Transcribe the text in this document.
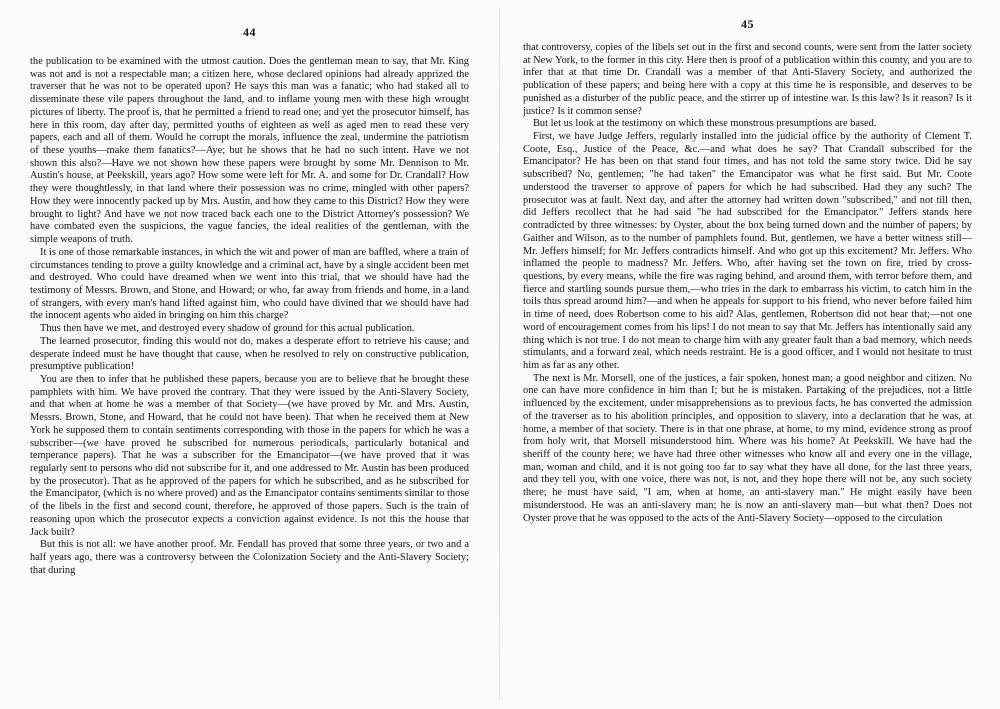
44

the publication to be examined with the utmost caution. Does the gentleman mean to say, that Mr. King was not and is not a respectable man; a citizen here, whose declared opinions had already apprized the traverser that he was not to be operated upon? He says this man was a fanatic; who had staked all to disseminate these vile papers throughout the land, and to inflame young men with these high wrought pictures of liberty. The proof is, that he permitted a friend to read one; and yet the prosecutor himself, has here in this room, day after day, permitted youths of eighteen as well as aged men to read these very papers, each and all of them. Would he corrupt the morals, influence the zeal, undermine the patriotism of these youths—make them fanatics?—Aye; but he shows that he had no such intent. Have we not shown this also?—Have we not shown how these papers were brought by some Mr. Dennison to Mr. Austin's house, at Peekskill, years ago? How some were left for Mr. A. and some for Dr. Crandall? How they were thoughtlessly, in that land where their possession was no crime, mingled with other papers? How they were innocently packed up by Mrs. Austin, and how they came to this District? How they were brought to light? And have we not now traced back each one to the District Attorney's possession? We have combated even the suspicions, the vague fancies, the ideal realities of the gentleman, with the simple weapons of truth.

It is one of those remarkable instances, in which the wit and power of man are baffled, where a train of circumstances tending to prove a guilty knowledge and a criminal act, have by a single accident been met and destroyed. Who could have dreamed when we went into this trial, that we should have had the testimony of Messrs. Brown, and Stone, and Howard; or who, far away from friends and home, in a land of strangers, with every man's hand lifted against him, who could have divined that we should have had the innocent agents who aided in bringing on him this charge?

Thus then have we met, and destroyed every shadow of ground for this actual publication.

The learned prosecutor, finding this would not do, makes a desperate effort to retrieve his cause; and desperate indeed must he have thought that cause, when he resolved to rely on constructive publication, presumptive publication!

You are then to infer that he published these papers, because you are to believe that he brought these pamphlets with him. We have proved the contrary. That they were issued by the Anti-Slavery Society, and that when at home he was a member of that Society—(we have proved by Mr. and Mrs. Austin, Messrs. Brown, Stone, and Howard, that he could not have been). That when he received them at New York he supposed them to contain sentiments corresponding with those in the papers for which he was a subscriber—(we have proved he subscribed for numerous periodicals, particularly botanical and temperance papers). That he was a subscriber for the Emancipator—(we have proved that it was regularly sent to persons who did not subscribe for it, and one addressed to Mr. Austin has been produced by the prosecutor). That as he approved of the papers for which he subscribed, and as he subscribed for the Emancipator, (which is no where proved) and as the Emancipator contains sentiments similar to those of the libels in the first and second count, therefore, he approved of those papers. Such is the train of reasoning upon which the prosecutor expects a conviction against evidence. Is not this the house that Jack built?

But this is not all: we have another proof. Mr. Fendall has proved that some three years, or two and a half years ago, there was a controversy between the Colonization Society and the Anti-Slavery Society; that during

45

that controversy, copies of the libels set out in the first and second counts, were sent from the latter society at New York, to the former in this city. Here then is proof of a publication within this county, and you are to infer that at that time Dr. Crandall was a member of that Anti-Slavery Society, and authorized the publication of these papers; and being here with a copy at this time he is responsible, and deserves to be punished as a disturber of the public peace, and the stirrer up of intestine war. Is this law? Is it reason? Is it justice? Is it common sense?

But let us look at the testimony on which these monstrous presumptions are based.

First, we have Judge Jeffers, regularly installed into the judicial office by the authority of Clement T. Coote, Esq., Justice of the Peace, &c.—and what does he say? That Crandall subscribed for the Emancipator? He has been on that stand four times, and has not told the same story twice. Did he say subscribed? No, gentlemen; "he had taken" the Emancipator was what he first said. But Mr. Coote understood the traverser to approve of papers for which he had subscribed. Had they any such? The prosecutor was at fault. Next day, and after the attorney had written down "subscribed," and not till then, did Jeffers recollect that he had said "he had subscribed for the Emancipator." Jeffers stands here contradicted by three witnesses: by Oyster, about the box being turned down and the number of papers; by Gaither and Wilson, as to the number of pamphlets found. But, gentlemen, we have a better witness still—Mr. Jeffers himself; for Mr. Jeffers contradicts himself. And who got up this excitement? Mr. Jeffers. Who inflamed the people to madness? Mr. Jeffers. Who, after having set the town on fire, tried by cross-questions, by every means, while the fire was raging behind, and around them, with terror before them, and fierce and startling sounds pursue them,—who tries in the dark to embarrass his victim, to catch him in the toils thus spread around him?—and when he appeals for support to his friend, who never before failed him in time of need, does Robertson come to his aid? Alas, gentlemen, Robertson did not hear that;—not one word of encouragement comes from his lips! I do not mean to say that Mr. Jeffers has intentionally said any thing which is not true. I do not mean to charge him with any greater fault than a bad memory, which needs stimulants, and a forward zeal, which needs restraint. He is a good officer, and I would not hesitate to trust him as far as any other.

The next is Mr. Morsell, one of the justices, a fair spoken, honest man; a good neighbor and citizen. No one can have more confidence in him than I; but he is mistaken. Partaking of the prejudices, not a little influenced by the excitement, under misapprehensions as to previous facts, he has converted the admission of the traverser as to his abolition principles, and opposition to slavery, into a declaration that he was, at home, a member of that society. There is in that one phrase, at home, to my mind, evidence strong as proof from holy writ, that Morsell misunderstood him. Where was his home? At Peekskill. We have had the sheriff of the county here; we have had three other witnesses who know all and every one in the village, man, woman and child, and it is not going too far to say what they have all done, for the last three years, and they tell you, with one voice, there was not, is not, and they hope there will not be, any such society there; he must have said, "I am, when at home, an anti-slavery man." He might easily have been misunderstood. He was an anti-slavery man; he is now an anti-slavery man—but what then? Does not Oyster prove that he was opposed to the acts of the Anti-Slavery Society—opposed to the circulation
